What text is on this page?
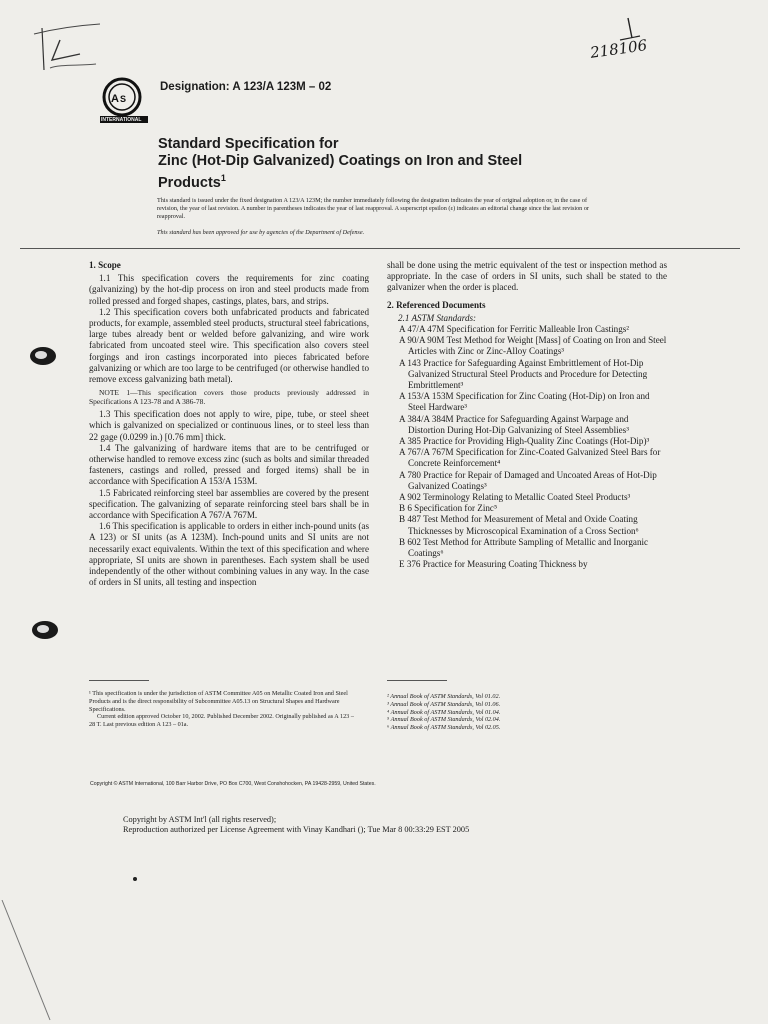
218106
A S
INTERNATIONAL
Designation: A 123/A 123M – 02
Standard Specification for
Zinc (Hot-Dip Galvanized) Coatings on Iron and Steel
Products$^1$
This standard is issued under the fixed designation A 123/A 123M; the number immediately following the designation indicates the year of original adoption or, in the case of revision, the year of last revision. A number in parentheses indicates the year of last reapproval. A superscript epsilon (ε) indicates an editorial change since the last revision or reapproval.
This standard has been approved for use by agencies of the Department of Defense.

1. Scope

1.1 This specification covers the requirements for zinc coating (galvanizing) by the hot-dip process on iron and steel products made from rolled pressed and forged shapes, castings, plates, bars, and strips.

1.2 This specification covers both unfabricated products and fabricated products, for example, assembled steel products, structural steel fabrications, large tubes already bent or welded before galvanizing, and wire work fabricated from uncoated steel wire. This specification also covers steel forgings and iron castings incorporated into pieces fabricated before galvanizing or which are too large to be centrifuged (or otherwise handled to remove excess galvanizing bath metal).

NOTE 1—This specification covers those products previously addressed in Specifications A 123-78 and A 386-78.

1.3 This specification does not apply to wire, pipe, tube, or steel sheet which is galvanized on specialized or continuous lines, or to steel less than 22 gage (0.0299 in.) [0.76 mm] thick.

1.4 The galvanizing of hardware items that are to be centrifuged or otherwise handled to remove excess zinc (such as bolts and similar threaded fasteners, castings and rolled, pressed and forged items) shall be in accordance with Specification A 153/A 153M.

1.5 Fabricated reinforcing steel bar assemblies are covered by the present specification. The galvanizing of separate reinforcing steel bars shall be in accordance with Specification A 767/A 767M.

1.6 This specification is applicable to orders in either inch-pound units (as A 123) or SI units (as A 123M). Inch-pound units and SI units are not necessarily exact equivalents. Within the text of this specification and where appropriate, SI units are shown in parentheses. Each system shall be used independently of the other without combining values in any way. In the case of orders in SI units, all testing and inspection

shall be done using the metric equivalent of the test or inspection method as appropriate. In the case of orders in SI units, such shall be stated to the galvanizer when the order is placed.

2. Referenced Documents

2.1 ASTM Standards:

A 47/A 47M Specification for Ferritic Malleable Iron Castings²

A 90/A 90M Test Method for Weight [Mass] of Coating on Iron and Steel Articles with Zinc or Zinc-Alloy Coatings³

A 143 Practice for Safeguarding Against Embrittlement of Hot-Dip Galvanized Structural Steel Products and Procedure for Detecting Embrittlement³

A 153/A 153M Specification for Zinc Coating (Hot-Dip) on Iron and Steel Hardware³

A 384/A 384M Practice for Safeguarding Against Warpage and Distortion During Hot-Dip Galvanizing of Steel Assemblies³

A 385 Practice for Providing High-Quality Zinc Coatings (Hot-Dip)³

A 767/A 767M Specification for Zinc-Coated Galvanized Steel Bars for Concrete Reinforcement⁴

A 780 Practice for Repair of Damaged and Uncoated Areas of Hot-Dip Galvanized Coatings³

A 902 Terminology Relating to Metallic Coated Steel Products³

B 6 Specification for Zinc⁵

B 487 Test Method for Measurement of Metal and Oxide Coating Thicknesses by Microscopical Examination of a Cross Section⁶

B 602 Test Method for Attribute Sampling of Metallic and Inorganic Coatings⁶

E 376 Practice for Measuring Coating Thickness by

¹ This specification is under the jurisdiction of ASTM Committee A05 on Metallic Coated Iron and Steel Products and is the direct responsibility of Subcommittee A05.13 on Structural Shapes and Hardware Specifications.

Current edition approved October 10, 2002. Published December 2002. Originally published as A 123 – 28 T. Last previous edition A 123 – 01a.

² Annual Book of ASTM Standards, Vol 01.02.

³ Annual Book of ASTM Standards, Vol 01.06.

⁴ Annual Book of ASTM Standards, Vol 01.04.

⁵ Annual Book of ASTM Standards, Vol 02.04.

⁶ Annual Book of ASTM Standards, Vol 02.05.

Copyright © ASTM International, 100 Barr Harbor Drive, PO Box C700, West Conshohocken, PA 19428-2959, United States.
Copyright by ASTM Int'l (all rights reserved);
Reproduction authorized per License Agreement with Vinay Kandhari (); Tue Mar 8 00:33:29 EST 2005
